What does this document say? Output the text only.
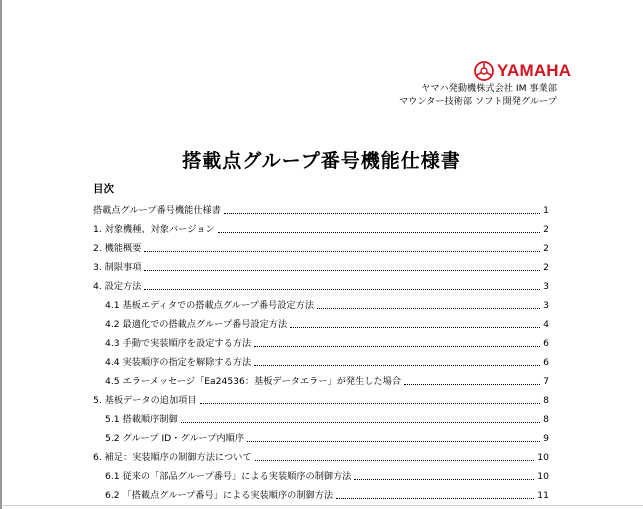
YAMAHA
ヤマハ発動機株式会社 IM 事業部
マウンター技術部 ソフト開発グループ
搭載点グループ番号機能仕様書
目次
搭載点グループ番号機能仕様書	1
1. 対象機種、対象バージョン	2
2. 機能概要	2
3. 制限事項	2
4. 設定方法	3
4.1 基板エディタでの搭載点グループ番号設定方法	3
4.2 最適化での搭載点グループ番号設定方法	4
4.3 手動で実装順序を設定する方法	6
4.4 実装順序の指定を解除する方法	6
4.5 エラーメッセージ「Ea24536：基板データエラー」が発生した場合	7
5. 基板データの追加項目	8
5.1 搭載順序制御	8
5.2 グループ ID・グループ内順序	9
6. 補足：実装順序の制御方法について	10
6.1 従来の「部品グループ番号」による実装順序の制御方法	10
6.2 「搭載点グループ番号」による実装順序の制御方法	11
